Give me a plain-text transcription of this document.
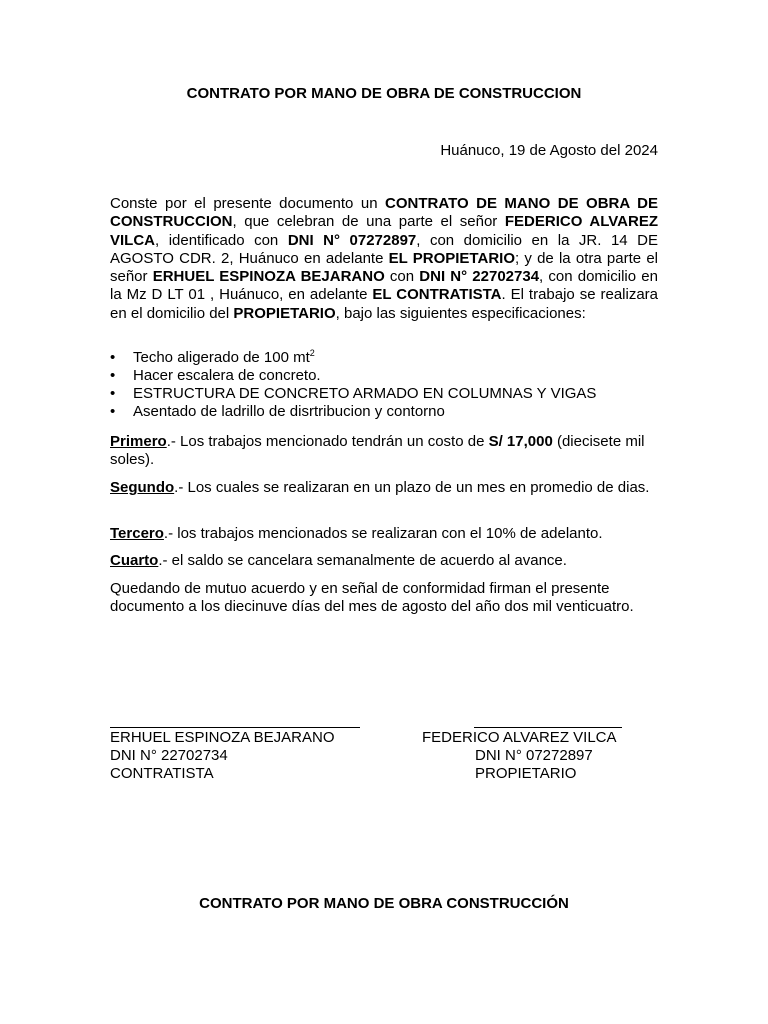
CONTRATO POR MANO DE OBRA DE CONSTRUCCION
Huánuco, 19 de Agosto del 2024
Conste por el presente documento un CONTRATO DE MANO DE OBRA DE CONSTRUCCION, que celebran de una parte el señor FEDERICO ALVAREZ VILCA, identificado con DNI N° 07272897, con domicilio en la JR. 14 DE AGOSTO CDR. 2, Huánuco en adelante EL PROPIETARIO; y de la otra parte el señor ERHUEL ESPINOZA BEJARANO con DNI N° 22702734, con domicilio en la Mz D LT 01 , Huánuco, en adelante EL CONTRATISTA. El trabajo se realizara en el domicilio del PROPIETARIO, bajo las siguientes especificaciones:
• Techo aligerado de 100 $mt^2$
• Hacer escalera de concreto.
• ESTRUCTURA DE CONCRETO ARMADO EN COLUMNAS Y VIGAS
• Asentado de ladrillo de disrtribucion y contorno
Primero.- Los trabajos mencionado tendrán un costo de S/ 17,000 (diecisete mil soles).
Segundo.- Los cuales se realizaran en un plazo de un mes en promedio de dias.
Tercero.- los trabajos mencionados se realizaran con el 10% de adelanto.
Cuarto.- el saldo se cancelara semanalmente de acuerdo al avance.
Quedando de mutuo acuerdo y en señal de conformidad firman el presente documento a los diecinuve días del mes de agosto del año dos mil venticuatro.
ERHUEL ESPINOZA BEJARANO
DNI N° 22702734
CONTRATISTA
FEDERICO ALVAREZ VILCA
DNI N° 07272897
PROPIETARIO
CONTRATO POR MANO DE OBRA CONSTRUCCIÓN
